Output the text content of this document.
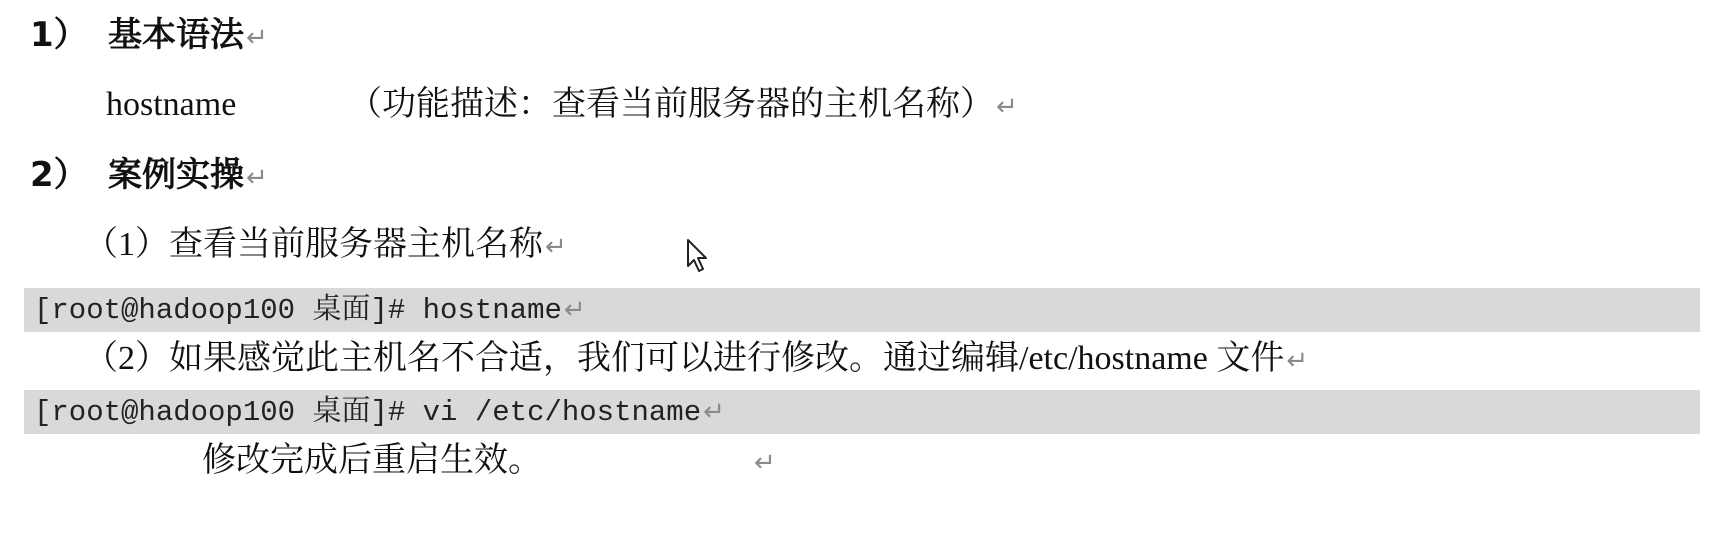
1） 基本语法↵
hostname	（功能描述：查看当前服务器的主机名称）↵
2） 案例实操↵
（1）查看当前服务器主机名称↵
[root@hadoop100 桌面]# hostname↵
（2）如果感觉此主机名不合适，我们可以进行修改。通过编辑/etc/hostname 文件↵
[root@hadoop100 桌面]# vi /etc/hostname↵
修改完成后重启生效。	↵
